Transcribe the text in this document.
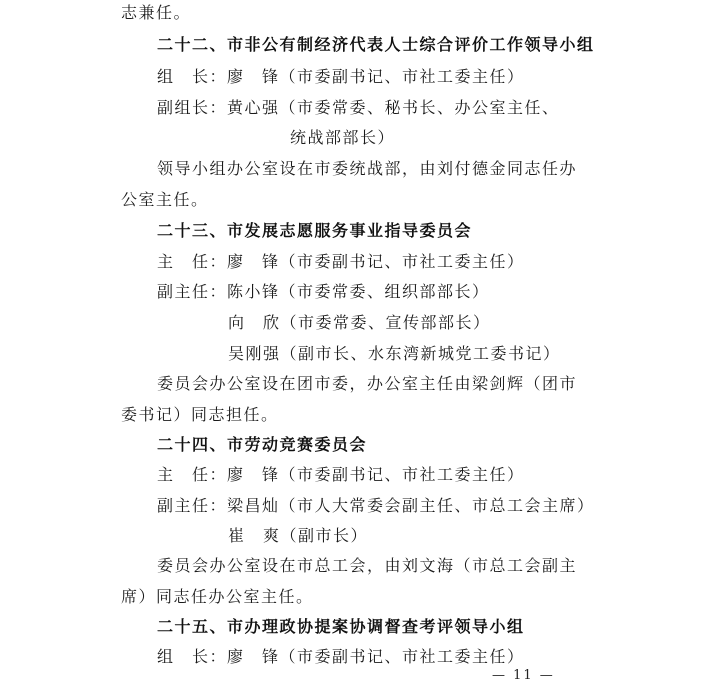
志兼任。
二十二、市非公有制经济代表人士综合评价工作领导小组
组　长：廖　锋（市委副书记、市社工委主任）
副组长：黄心强（市委常委、秘书长、办公室主任、
统战部部长）
领导小组办公室设在市委统战部，由刘付德金同志任办
公室主任。
二十三、市发展志愿服务事业指导委员会
主　任：廖　锋（市委副书记、市社工委主任）
副主任：陈小锋（市委常委、组织部部长）
向　欣（市委常委、宣传部部长）
吴刚强（副市长、水东湾新城党工委书记）
委员会办公室设在团市委，办公室主任由梁剑辉（团市
委书记）同志担任。
二十四、市劳动竞赛委员会
主　任：廖　锋（市委副书记、市社工委主任）
副主任：梁昌灿（市人大常委会副主任、市总工会主席）
崔　爽（副市长）
委员会办公室设在市总工会，由刘文海（市总工会副主
席）同志任办公室主任。
二十五、市办理政协提案协调督查考评领导小组
组　长：廖　锋（市委副书记、市社工委主任）
— 11 —
